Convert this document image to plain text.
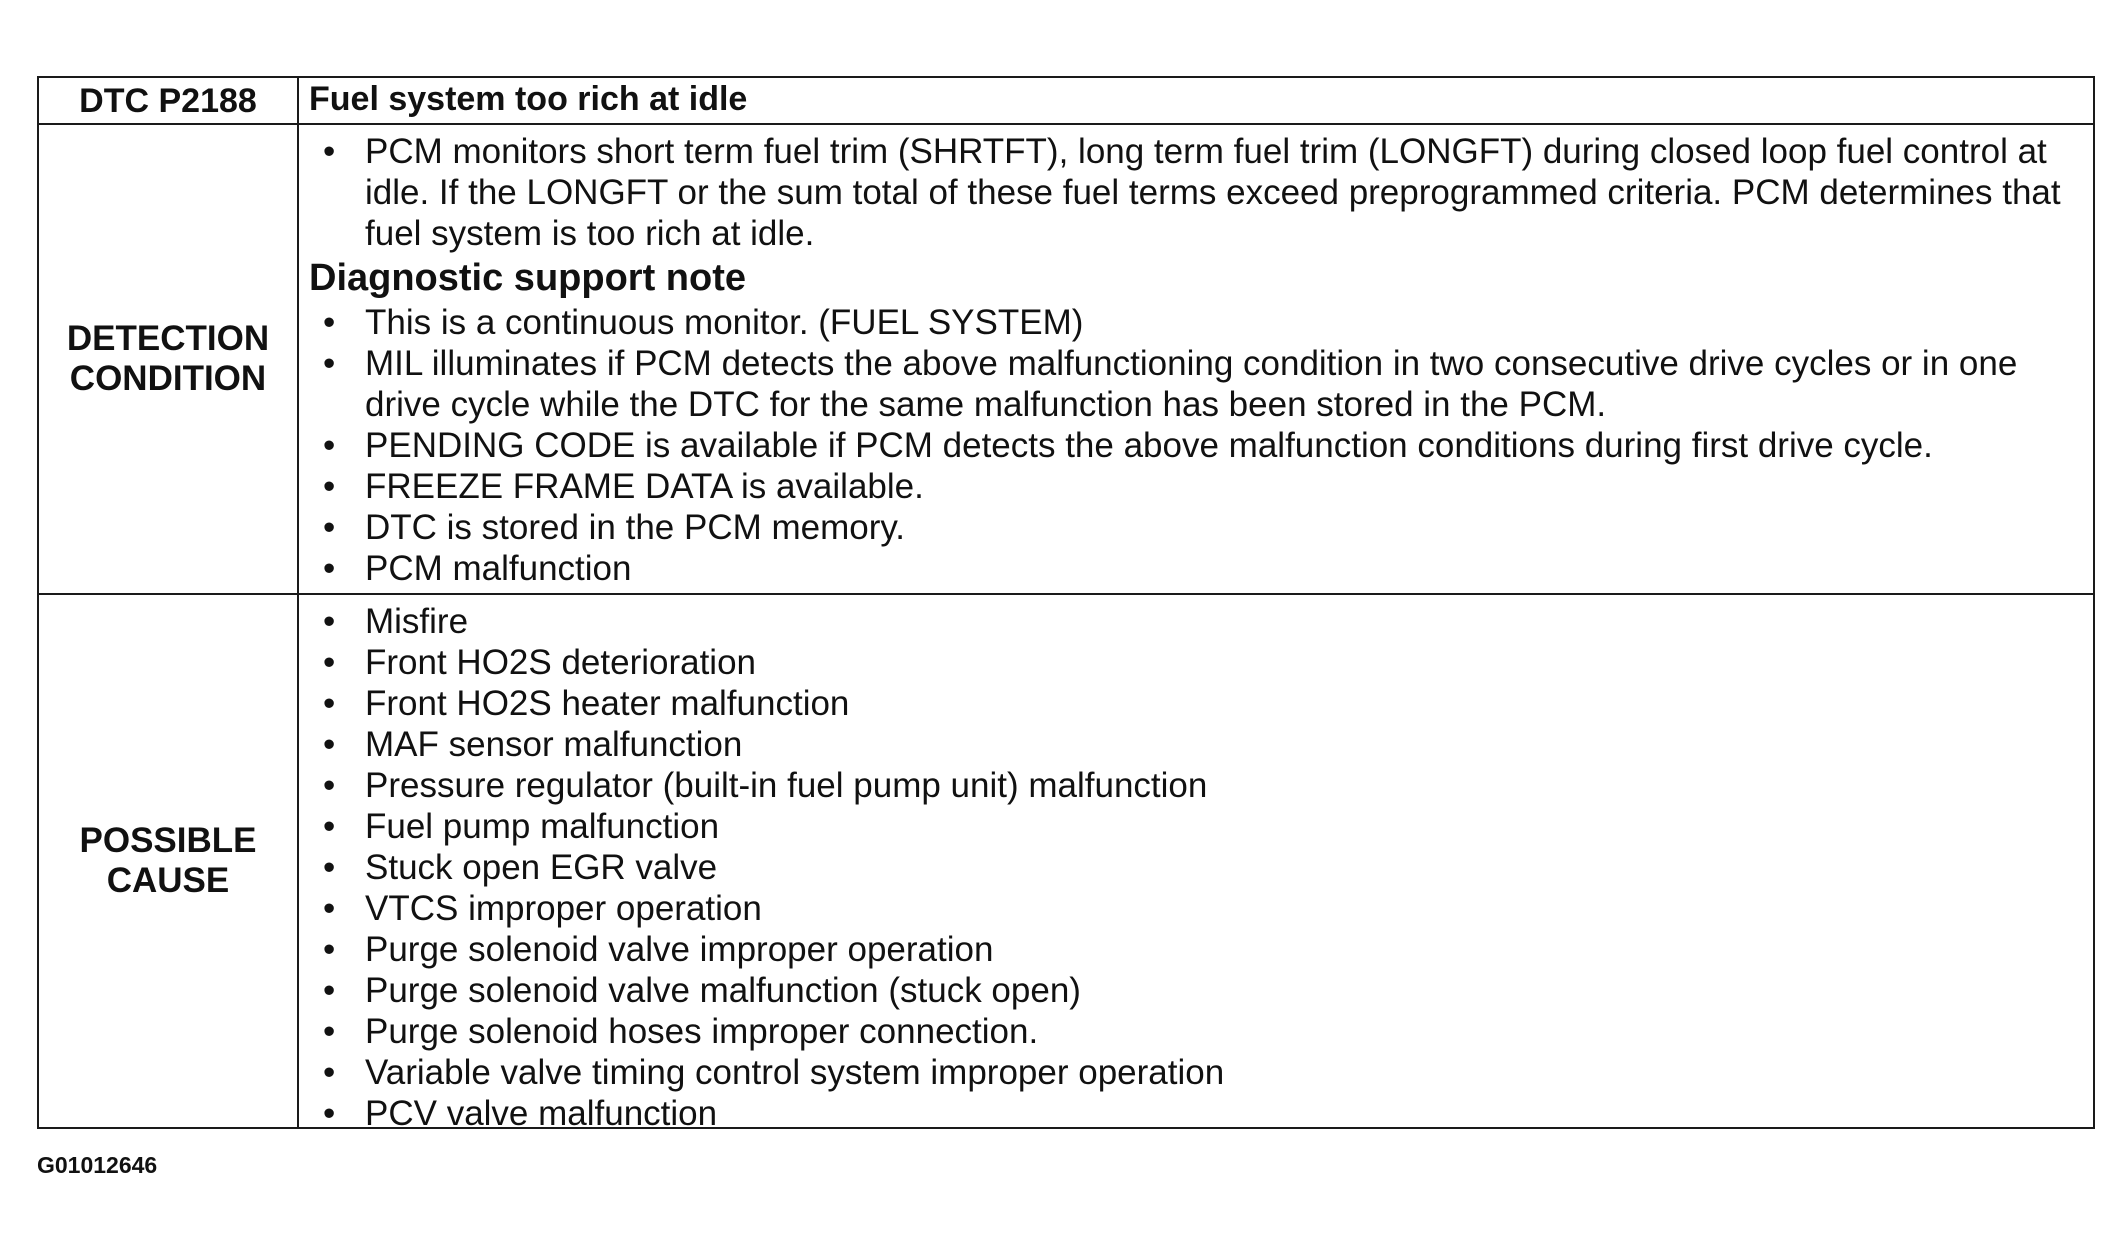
DTC P2188	Fuel system too rich at idle
DETECTION
CONDITION
• PCM monitors short term fuel trim (SHRTFT), long term fuel trim (LONGFT) during closed loop fuel control at idle. If the LONGFT or the sum total of these fuel terms exceed preprogrammed criteria. PCM determines that fuel system is too rich at idle.
Diagnostic support note
• This is a continuous monitor. (FUEL SYSTEM)
• MIL illuminates if PCM detects the above malfunctioning condition in two consecutive drive cycles or in one drive cycle while the DTC for the same malfunction has been stored in the PCM.
• PENDING CODE is available if PCM detects the above malfunction conditions during first drive cycle.
• FREEZE FRAME DATA is available.
• DTC is stored in the PCM memory.
• PCM malfunction
POSSIBLE
CAUSE
• Misfire
• Front HO2S deterioration
• Front HO2S heater malfunction
• MAF sensor malfunction
• Pressure regulator (built-in fuel pump unit) malfunction
• Fuel pump malfunction
• Stuck open EGR valve
• VTCS improper operation
• Purge solenoid valve improper operation
• Purge solenoid valve malfunction (stuck open)
• Purge solenoid hoses improper connection.
• Variable valve timing control system improper operation
• PCV valve malfunction
G01012646
